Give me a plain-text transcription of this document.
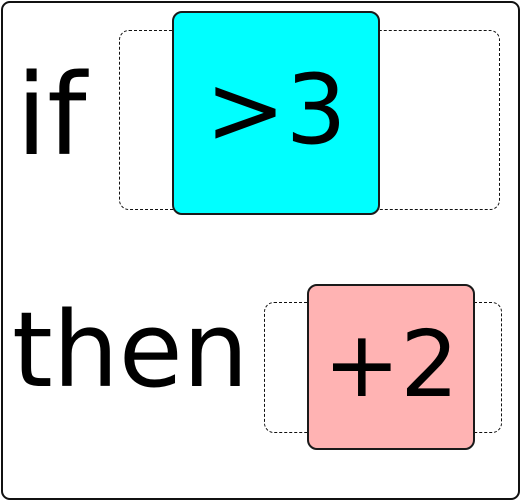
if >3
then +2
